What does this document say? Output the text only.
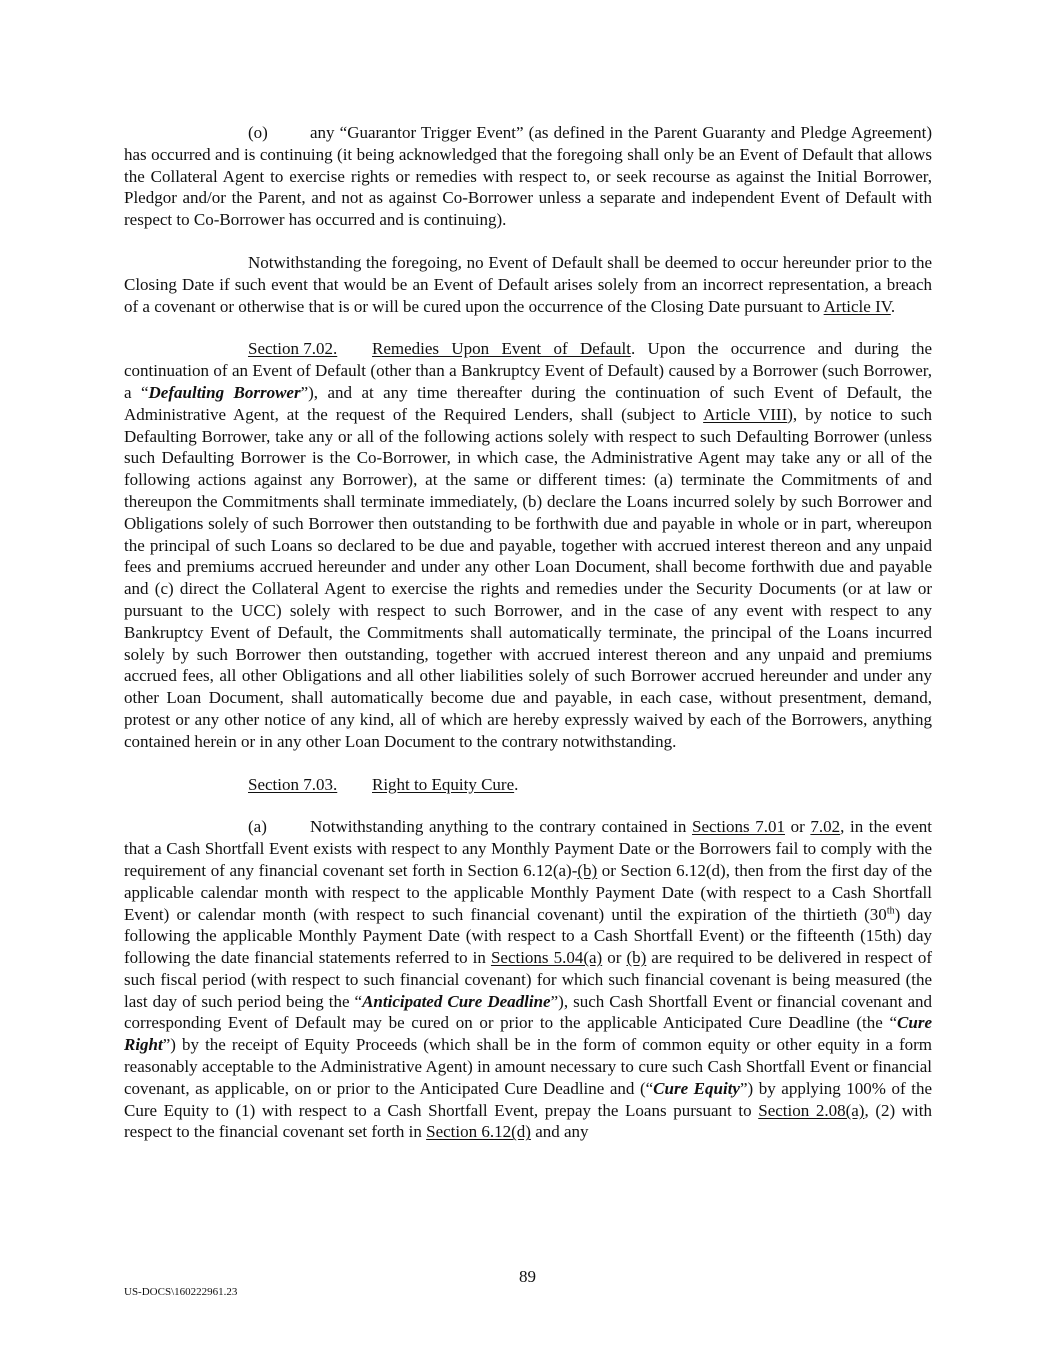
(o) any “Guarantor Trigger Event” (as defined in the Parent Guaranty and Pledge Agreement) has occurred and is continuing (it being acknowledged that the foregoing shall only be an Event of Default that allows the Collateral Agent to exercise rights or remedies with respect to, or seek recourse as against the Initial Borrower, Pledgor and/or the Parent, and not as against Co-Borrower unless a separate and independent Event of Default with respect to Co-Borrower has occurred and is continuing).

Notwithstanding the foregoing, no Event of Default shall be deemed to occur hereunder prior to the Closing Date if such event that would be an Event of Default arises solely from an incorrect representation, a breach of a covenant or otherwise that is or will be cured upon the occurrence of the Closing Date pursuant to Article IV.

Section 7.02. Remedies Upon Event of Default. Upon the occurrence and during the continuation of an Event of Default (other than a Bankruptcy Event of Default) caused by a Borrower (such Borrower, a “Defaulting Borrower”), and at any time thereafter during the continuation of such Event of Default, the Administrative Agent, at the request of the Required Lenders, shall (subject to Article VIII), by notice to such Defaulting Borrower, take any or all of the following actions solely with respect to such Defaulting Borrower (unless such Defaulting Borrower is the Co-Borrower, in which case, the Administrative Agent may take any or all of the following actions against any Borrower), at the same or different times: (a) terminate the Commitments of and thereupon the Commitments shall terminate immediately, (b) declare the Loans incurred solely by such Borrower and Obligations solely of such Borrower then outstanding to be forthwith due and payable in whole or in part, whereupon the principal of such Loans so declared to be due and payable, together with accrued interest thereon and any unpaid fees and premiums accrued hereunder and under any other Loan Document, shall become forthwith due and payable and (c) direct the Collateral Agent to exercise the rights and remedies under the Security Documents (or at law or pursuant to the UCC) solely with respect to such Borrower, and in the case of any event with respect to any Bankruptcy Event of Default, the Commitments shall automatically terminate, the principal of the Loans incurred solely by such Borrower then outstanding, together with accrued interest thereon and any unpaid and premiums accrued fees, all other Obligations and all other liabilities solely of such Borrower accrued hereunder and under any other Loan Document, shall automatically become due and payable, in each case, without presentment, demand, protest or any other notice of any kind, all of which are hereby expressly waived by each of the Borrowers, anything contained herein or in any other Loan Document to the contrary notwithstanding.

Section 7.03. Right to Equity Cure.

(a)	Notwithstanding anything to the contrary contained in Sections 7.01 or 7.02, in the event that a Cash Shortfall Event exists with respect to any Monthly Payment Date or the Borrowers fail to comply with the requirement of any financial covenant set forth in Section 6.12(a)-(b) or Section 6.12(d), then from the first day of the applicable calendar month with respect to the applicable Monthly Payment Date (with respect to a Cash Shortfall Event) or calendar month (with respect to such financial covenant) until the expiration of the thirtieth (30th) day following the applicable Monthly Payment Date (with respect to a Cash Shortfall Event) or the fifteenth (15th) day following the date financial statements referred to in Sections 5.04(a) or (b) are required to be delivered in respect of such fiscal period (with respect to such financial covenant) for which such financial covenant is being measured (the last day of such period being the “Anticipated Cure Deadline”), such Cash Shortfall Event or financial covenant and corresponding Event of Default may be cured on or prior to the applicable Anticipated Cure Deadline (the “Cure Right”) by the receipt of Equity Proceeds (which shall be in the form of common equity or other equity in a form reasonably acceptable to the Administrative Agent) in amount necessary to cure such Cash Shortfall Event or financial covenant, as applicable, on or prior to the Anticipated Cure Deadline and (“Cure Equity”) by applying 100% of the Cure Equity to (1) with respect to a Cash Shortfall Event, prepay the Loans pursuant to Section 2.08(a), (2) with respect to the financial covenant set forth in Section 6.12(d) and any

89
US-DOCS\160222961.23
